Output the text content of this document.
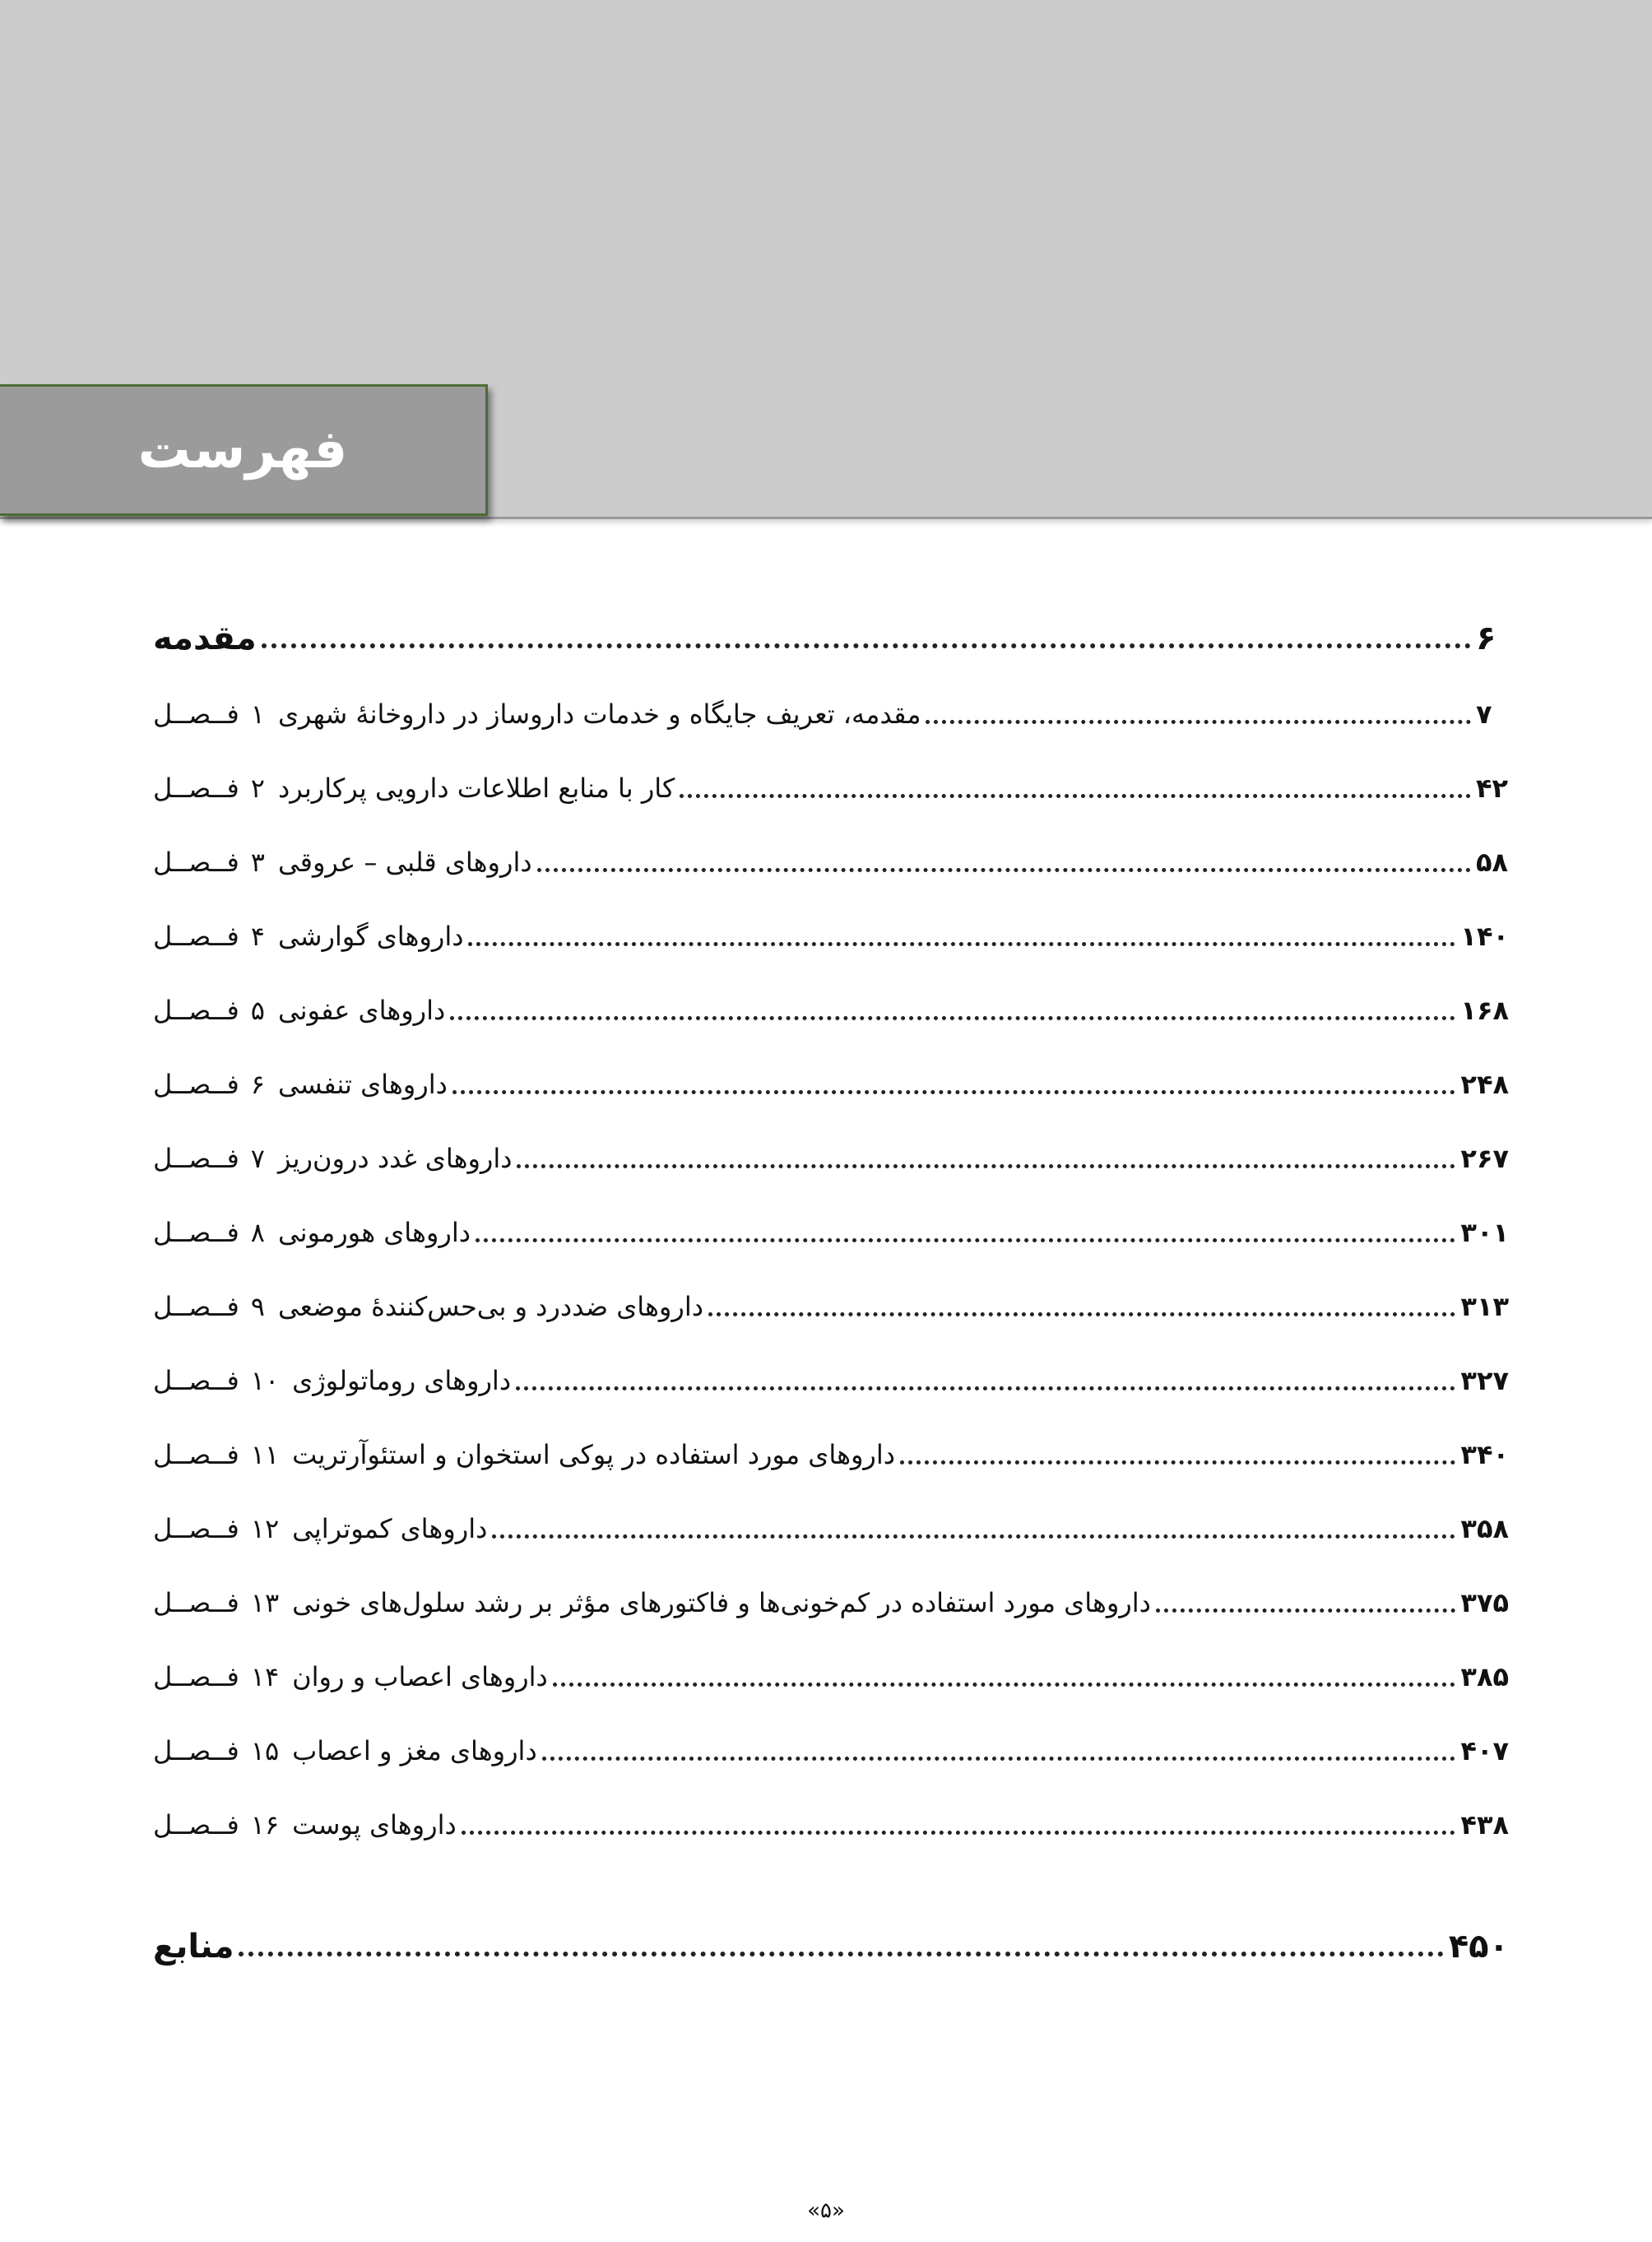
فهرست
مقدمه	۶
فــصــل ۱ مقدمه، تعریف جایگاه و خدمات داروساز در داروخانهٔ شهری	۷
فــصــل ۲ کار با منابع اطلاعات دارویی پرکاربرد	۴۲
فــصــل ۳ داروهای قلبی – عروقی	۵۸
فــصــل ۴ داروهای گوارشی	۱۴۰
فــصــل ۵ داروهای عفونی	۱۶۸
فــصــل ۶ داروهای تنفسی	۲۴۸
فــصــل ۷ داروهای غدد درون‌ریز	۲۶۷
فــصــل ۸ داروهای هورمونی	۳۰۱
فــصــل ۹ داروهای ضددرد و بی‌حس‌کنندهٔ موضعی	۳۱۳
فــصــل ۱۰ داروهای روماتولوژی	۳۲۷
فــصــل ۱۱ داروهای مورد استفاده در پوکی استخوان و استئوآرتریت	۳۴۰
فــصــل ۱۲ داروهای کموتراپی	۳۵۸
فــصــل ۱۳ داروهای مورد استفاده در کم‌خونی‌ها و فاکتورهای مؤثر بر رشد سلول‌های خونی	۳۷۵
فــصــل ۱۴ داروهای اعصاب و روان	۳۸۵
فــصــل ۱۵ داروهای مغز و اعصاب	۴۰۷
فــصــل ۱۶ داروهای پوست	۴۳۸
منابع	۴۵۰
«۵»
